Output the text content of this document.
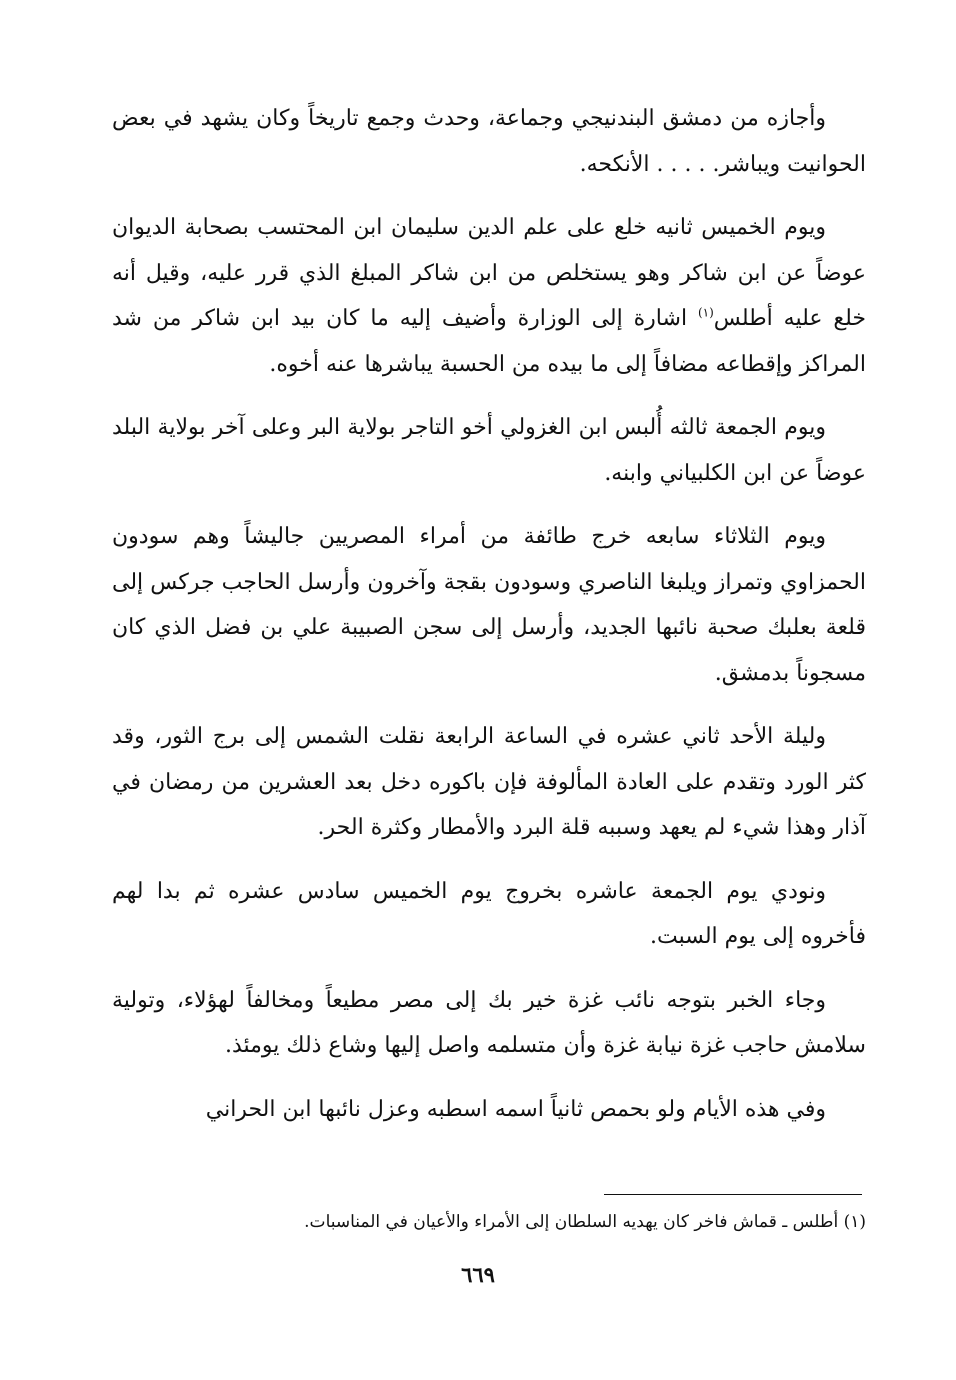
وأجازه من دمشق البندنيجي وجماعة، وحدث وجمع تاريخاً وكان يشهد في بعض الحوانيت ويباشر. . . . . الأنكحه.

ويوم الخميس ثانيه خلع على علم الدين سليمان ابن المحتسب بصحابة الديوان عوضاً عن ابن شاكر وهو يستخلص من ابن شاكر المبلغ الذي قرر عليه، وقيل أنه خلع عليه أطلس$^{(١)}$ اشارة إلى الوزارة وأضيف إليه ما كان بيد ابن شاكر من شد المراكز وإقطاعه مضافاً إلى ما بيده من الحسبة يباشرها عنه أخوه.

ويوم الجمعة ثالثه أُلبس ابن الغزولي أخو التاجر بولاية البر وعلى آخر بولاية البلد عوضاً عن ابن الكلبياني وابنه.

ويوم الثلاثاء سابعه خرج طائفة من أمراء المصريين جاليشاً وهم سودون الحمزاوي وتمراز ويلبغا الناصري وسودون بقجة وآخرون وأرسل الحاجب جركس إلى قلعة بعلبك صحبة نائبها الجديد، وأرسل إلى سجن الصبيبة علي بن فضل الذي كان مسجوناً بدمشق.

وليلة الأحد ثاني عشره في الساعة الرابعة نقلت الشمس إلى برج الثور، وقد كثر الورد وتقدم على العادة المألوفة فإن باكوره دخل بعد العشرين من رمضان في آذار وهذا شيء لم يعهد وسببه قلة البرد والأمطار وكثرة الحر.

ونودي يوم الجمعة عاشره بخروج يوم الخميس سادس عشره ثم بدا لهم فأخروه إلى يوم السبت.

وجاء الخبر بتوجه نائب غزة خير بك إلى مصر مطيعاً ومخالفاً لهؤلاء، وتولية سلامش حاجب غزة نيابة غزة وأن متسلمه واصل إليها وشاع ذلك يومئذ.

وفي هذه الأيام ولو بحمص ثانياً اسمه اسطبه وعزل نائبها ابن الحراني

(١) أطلس ـ قماش فاخر كان يهديه السلطان إلى الأمراء والأعيان في المناسبات.
٦٦٩
